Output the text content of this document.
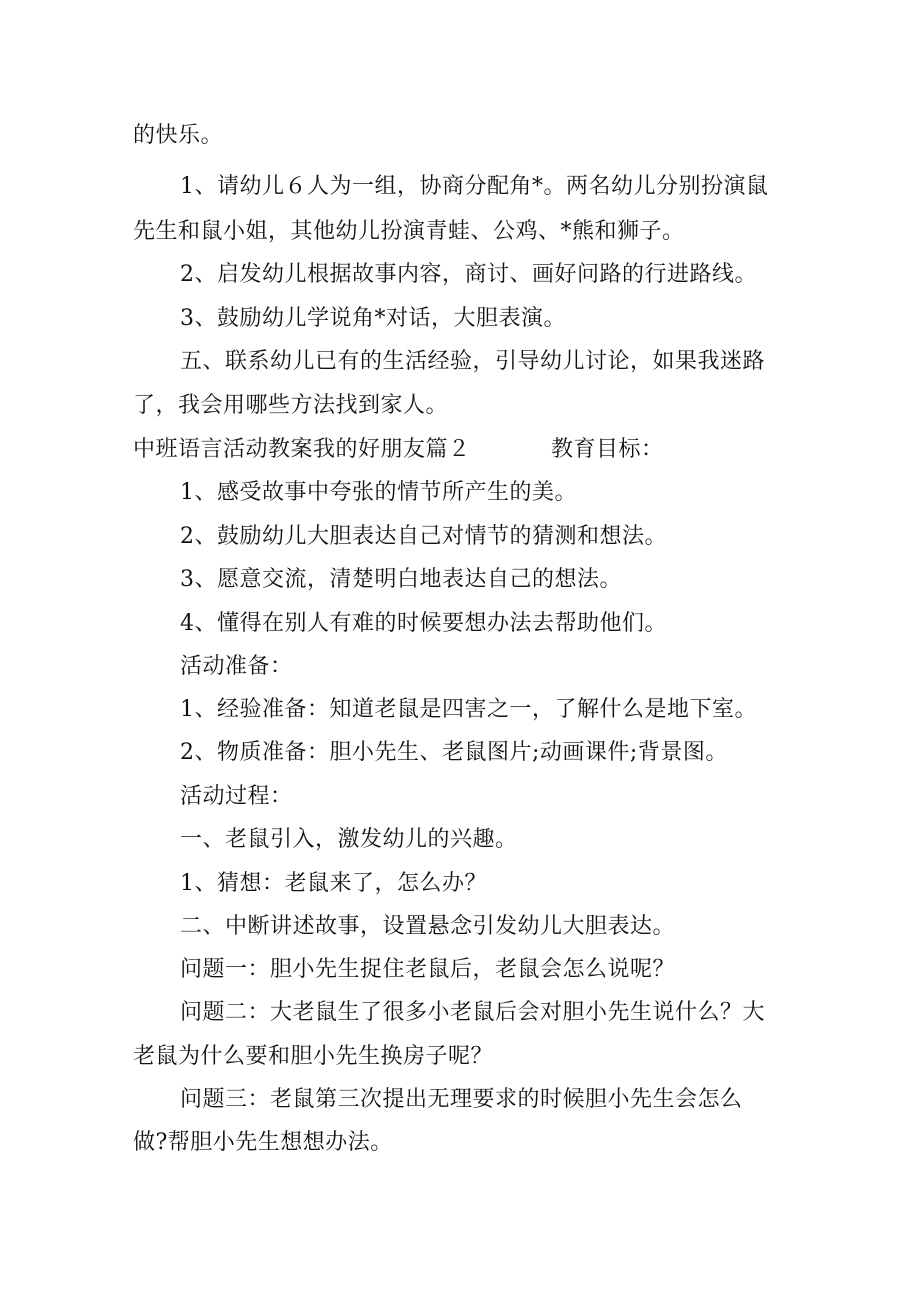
的快乐。
1、请幼儿６人为一组，协商分配角*。两名幼儿分别扮演鼠
先生和鼠小姐，其他幼儿扮演青蛙、公鸡、*熊和狮子。
2、启发幼儿根据故事内容，商讨、画好问路的行进路线。
3、鼓励幼儿学说角*对话，大胆表演。
五、联系幼儿已有的生活经验，引导幼儿讨论，如果我迷路
了，我会用哪些方法找到家人。
中班语言活动教案我的好朋友篇２	教育目标：
1、感受故事中夸张的情节所产生的美。
2、鼓励幼儿大胆表达自己对情节的猜测和想法。
3、愿意交流，清楚明白地表达自己的想法。
4、懂得在别人有难的时候要想办法去帮助他们。
活动准备：
1、经验准备：知道老鼠是四害之一，了解什么是地下室。
2、物质准备：胆小先生、老鼠图片;动画课件;背景图。
活动过程：
一、老鼠引入，激发幼儿的兴趣。
1、猜想：老鼠来了，怎么办？
二、中断讲述故事，设置悬念引发幼儿大胆表达。
问题一：胆小先生捉住老鼠后，老鼠会怎么说呢？
问题二：大老鼠生了很多小老鼠后会对胆小先生说什么？大
老鼠为什么要和胆小先生换房子呢？
问题三：老鼠第三次提出无理要求的时候胆小先生会怎么
做?帮胆小先生想想办法。
